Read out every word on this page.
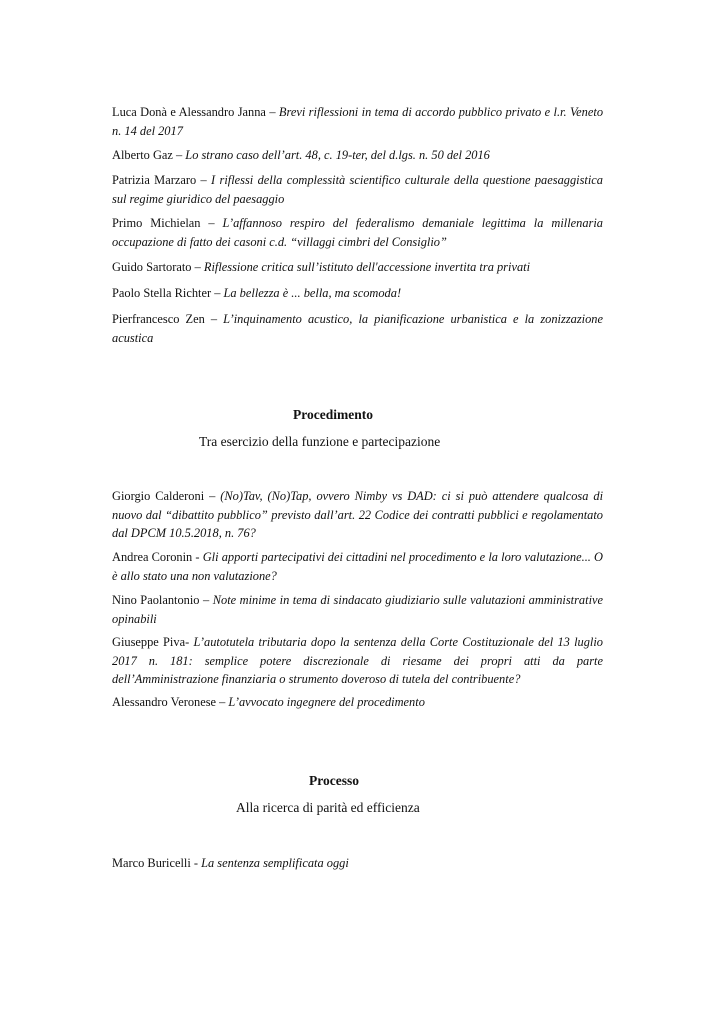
Luca Donà e Alessandro Janna – Brevi riflessioni in tema di accordo pubblico privato e l.r. Veneto n. 14 del 2017
Alberto Gaz – Lo strano caso dell’art. 48, c. 19-ter, del d.lgs. n. 50 del 2016
Patrizia Marzaro – I riflessi della complessità scientifico culturale della questione paesaggistica sul regime giuridico del paesaggio
Primo Michielan – L’affannoso respiro del federalismo demaniale legittima la millenaria occupazione di fatto dei casoni c.d. “villaggi cimbri del Consiglio”
Guido Sartorato – Riflessione critica sull’istituto dell'accessione invertita tra privati
Paolo Stella Richter – La bellezza è ... bella, ma scomoda!
Pierfrancesco Zen – L’inquinamento acustico, la pianificazione urbanistica e la zonizzazione acustica
Procedimento
Tra esercizio della funzione e partecipazione
Giorgio Calderoni – (No)Tav, (No)Tap, ovvero Nimby vs DAD: ci si può attendere qualcosa di nuovo dal “dibattito pubblico” previsto dall’art. 22 Codice dei contratti pubblici e regolamentato dal DPCM 10.5.2018, n. 76?
Andrea Coronin - Gli apporti partecipativi dei cittadini nel procedimento e la loro valutazione... O è allo stato una non valutazione?
Nino Paolantonio – Note minime in tema di sindacato giudiziario sulle valutazioni amministrative opinabili
Giuseppe Piva- L’autotutela tributaria dopo la sentenza della Corte Costituzionale del 13 luglio 2017 n. 181: semplice potere discrezionale di riesame dei propri atti da parte dell’Amministrazione finanziaria o strumento doveroso di tutela del contribuente?
Alessandro Veronese – L’avvocato ingegnere del procedimento
Processo
Alla ricerca di parità ed efficienza
Marco Buricelli - La sentenza semplificata oggi
